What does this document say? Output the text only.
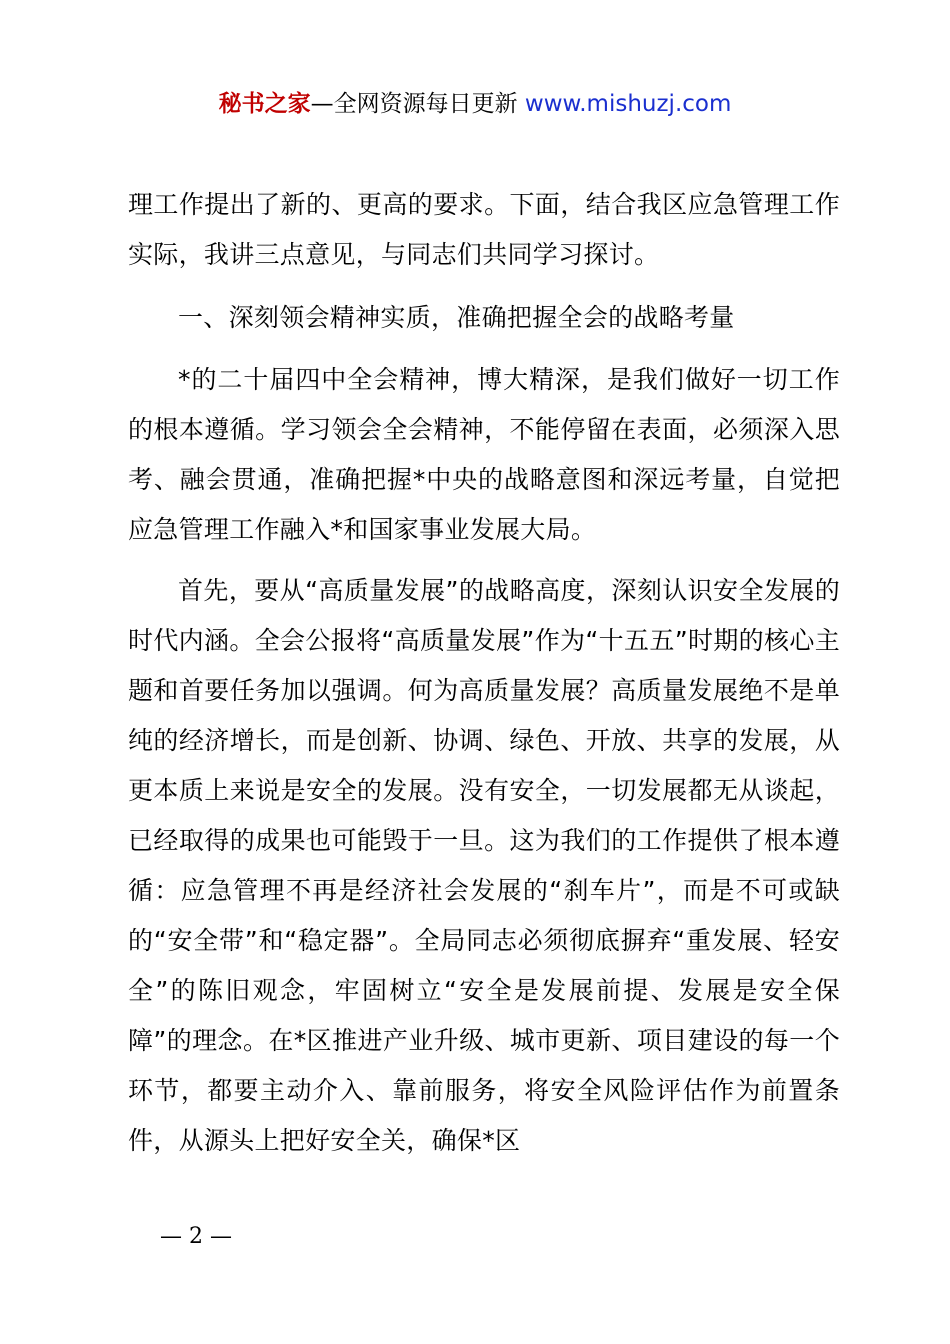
秘书之家—全网资源每日更新 www.mishuzj.com

理工作提出了新的、更高的要求。下面，结合我区应急管理工作实际，我讲三点意见，与同志们共同学习探讨。

一、深刻领会精神实质，准确把握全会的战略考量

*的二十届四中全会精神，博大精深，是我们做好一切工作的根本遵循。学习领会全会精神，不能停留在表面，必须深入思考、融会贯通，准确把握*中央的战略意图和深远考量，自觉把应急管理工作融入*和国家事业发展大局。

首先，要从“高质量发展”的战略高度，深刻认识安全发展的时代内涵。全会公报将“高质量发展”作为“十五五”时期的核心主题和首要任务加以强调。何为高质量发展？高质量发展绝不是单纯的经济增长，而是创新、协调、绿色、开放、共享的发展，从更本质上来说是安全的发展。没有安全，一切发展都无从谈起，已经取得的成果也可能毁于一旦。这为我们的工作提供了根本遵循：应急管理不再是经济社会发展的“刹车片”，而是不可或缺的“安全带”和“稳定器”。全局同志必须彻底摒弃“重发展、轻安全”的陈旧观念，牢固树立“安全是发展前提、发展是安全保障”的理念。在*区推进产业升级、城市更新、项目建设的每一个环节，都要主动介入、靠前服务，将安全风险评估作为前置条件，从源头上把好安全关，确保*区

— 2 —
